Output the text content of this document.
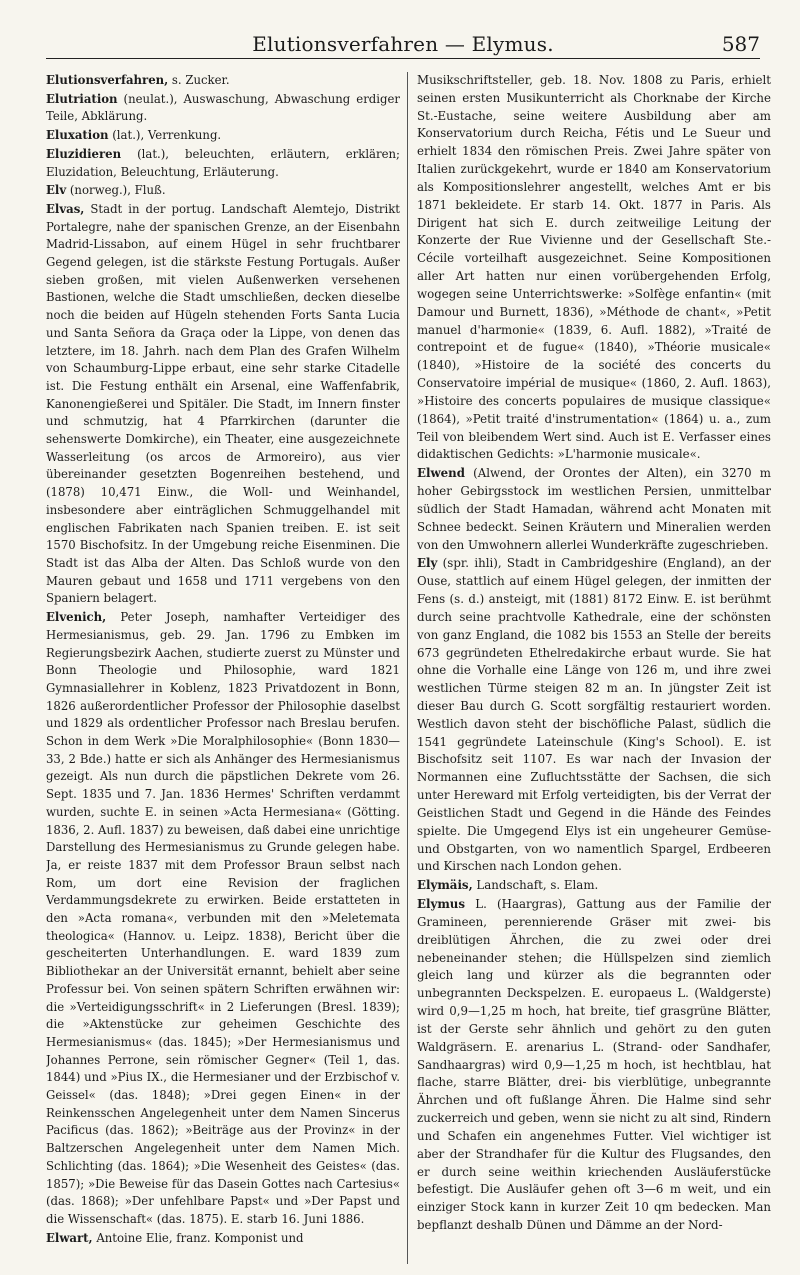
Elutionsverfahren — Elymus.	587

Elutionsverfahren, s. Zucker.

Elutriation (neulat.), Auswaschung, Abwaschung erdiger Teile, Abklärung.

Eluxation (lat.), Verrenkung.

Eluzidieren (lat.), beleuchten, erläutern, erklären; Eluzidation, Beleuchtung, Erläuterung.

Elv (norweg.), Fluß.

Elvas, Stadt in der portug. Landschaft Alemtejo, Distrikt Portalegre, nahe der spanischen Grenze, an der Eisenbahn Madrid-Lissabon, auf einem Hügel in sehr fruchtbarer Gegend gelegen, ist die stärkste Festung Portugals. Außer sieben großen, mit vielen Außenwerken versehenen Bastionen, welche die Stadt umschließen, decken dieselbe noch die beiden auf Hügeln stehenden Forts Santa Lucia und Santa Señora da Graça oder la Lippe, von denen das letztere, im 18. Jahrh. nach dem Plan des Grafen Wilhelm von Schaumburg-Lippe erbaut, eine sehr starke Citadelle ist. Die Festung enthält ein Arsenal, eine Waffenfabrik, Kanonengießerei und Spitäler. Die Stadt, im Innern finster und schmutzig, hat 4 Pfarrkirchen (darunter die sehenswerte Domkirche), ein Theater, eine ausgezeichnete Wasserleitung (os arcos de Armoreiro), aus vier übereinander gesetzten Bogenreihen bestehend, und (1878) 10,471 Einw., die Woll- und Weinhandel, insbesondere aber einträglichen Schmuggelhandel mit englischen Fabrikaten nach Spanien treiben. E. ist seit 1570 Bischofsitz. In der Umgebung reiche Eisenminen. Die Stadt ist das Alba der Alten. Das Schloß wurde von den Mauren gebaut und 1658 und 1711 vergebens von den Spaniern belagert.

Elvenich, Peter Joseph, namhafter Verteidiger des Hermesianismus, geb. 29. Jan. 1796 zu Embken im Regierungsbezirk Aachen, studierte zuerst zu Münster und Bonn Theologie und Philosophie, ward 1821 Gymnasiallehrer in Koblenz, 1823 Privatdozent in Bonn, 1826 außerordentlicher Professor der Philosophie daselbst und 1829 als ordentlicher Professor nach Breslau berufen. Schon in dem Werk »Die Moralphilosophie« (Bonn 1830—33, 2 Bde.) hatte er sich als Anhänger des Hermesianismus gezeigt. Als nun durch die päpstlichen Dekrete vom 26. Sept. 1835 und 7. Jan. 1836 Hermes' Schriften verdammt wurden, suchte E. in seinen »Acta Hermesiana« (Götting. 1836, 2. Aufl. 1837) zu beweisen, daß dabei eine unrichtige Darstellung des Hermesianismus zu Grunde gelegen habe. Ja, er reiste 1837 mit dem Professor Braun selbst nach Rom, um dort eine Revision der fraglichen Verdammungsdekrete zu erwirken. Beide erstatteten in den »Acta romana«, verbunden mit den »Meletemata theologica« (Hannov. u. Leipz. 1838), Bericht über die gescheiterten Unterhandlungen. E. ward 1839 zum Bibliothekar an der Universität ernannt, behielt aber seine Professur bei. Von seinen spätern Schriften erwähnen wir: die »Verteidigungsschrift« in 2 Lieferungen (Bresl. 1839); die »Aktenstücke zur geheimen Geschichte des Hermesianismus« (das. 1845); »Der Hermesianismus und Johannes Perrone, sein römischer Gegner« (Teil 1, das. 1844) und »Pius IX., die Hermesianer und der Erzbischof v. Geissel« (das. 1848); »Drei gegen Einen« in der Reinkensschen Angelegenheit unter dem Namen Sincerus Pacificus (das. 1862); »Beiträge aus der Provinz« in der Baltzerschen Angelegenheit unter dem Namen Mich. Schlichting (das. 1864); »Die Wesenheit des Geistes« (das. 1857); »Die Beweise für das Dasein Gottes nach Cartesius« (das. 1868); »Der unfehlbare Papst« und »Der Papst und die Wissenschaft« (das. 1875). E. starb 16. Juni 1886.

Elwart, Antoine Elie, franz. Komponist und

Musikschriftsteller, geb. 18. Nov. 1808 zu Paris, erhielt seinen ersten Musikunterricht als Chorknabe der Kirche St.-Eustache, seine weitere Ausbildung aber am Konservatorium durch Reicha, Fétis und Le Sueur und erhielt 1834 den römischen Preis. Zwei Jahre später von Italien zurückgekehrt, wurde er 1840 am Konservatorium als Kompositionslehrer angestellt, welches Amt er bis 1871 bekleidete. Er starb 14. Okt. 1877 in Paris. Als Dirigent hat sich E. durch zeitweilige Leitung der Konzerte der Rue Vivienne und der Gesellschaft Ste.-Cécile vorteilhaft ausgezeichnet. Seine Kompositionen aller Art hatten nur einen vorübergehenden Erfolg, wogegen seine Unterrichtswerke: »Solfège enfantin« (mit Damour und Burnett, 1836), »Méthode de chant«, »Petit manuel d'harmonie« (1839, 6. Aufl. 1882), »Traité de contrepoint et de fugue« (1840), »Théorie musicale« (1840), »Histoire de la société des concerts du Conservatoire impérial de musique« (1860, 2. Aufl. 1863), »Histoire des concerts populaires de musique classique« (1864), »Petit traité d'instrumentation« (1864) u. a., zum Teil von bleibendem Wert sind. Auch ist E. Verfasser eines didaktischen Gedichts: »L'harmonie musicale«.

Elwend (Alwend, der Orontes der Alten), ein 3270 m hoher Gebirgsstock im westlichen Persien, unmittelbar südlich der Stadt Hamadan, während acht Monaten mit Schnee bedeckt. Seinen Kräutern und Mineralien werden von den Umwohnern allerlei Wunderkräfte zugeschrieben.

Ely (spr. ihli), Stadt in Cambridgeshire (England), an der Ouse, stattlich auf einem Hügel gelegen, der inmitten der Fens (s. d.) ansteigt, mit (1881) 8172 Einw. E. ist berühmt durch seine prachtvolle Kathedrale, eine der schönsten von ganz England, die 1082 bis 1553 an Stelle der bereits 673 gegründeten Ethelredakirche erbaut wurde. Sie hat ohne die Vorhalle eine Länge von 126 m, und ihre zwei westlichen Türme steigen 82 m an. In jüngster Zeit ist dieser Bau durch G. Scott sorgfältig restauriert worden. Westlich davon steht der bischöfliche Palast, südlich die 1541 gegründete Lateinschule (King's School). E. ist Bischofsitz seit 1107. Es war nach der Invasion der Normannen eine Zufluchtsstätte der Sachsen, die sich unter Hereward mit Erfolg verteidigten, bis der Verrat der Geistlichen Stadt und Gegend in die Hände des Feindes spielte. Die Umgegend Elys ist ein ungeheurer Gemüse- und Obstgarten, von wo namentlich Spargel, Erdbeeren und Kirschen nach London gehen.

Elymäis, Landschaft, s. Elam.

Elymus L. (Haargras), Gattung aus der Familie der Gramineen, perennierende Gräser mit zwei- bis dreiblütigen Ährchen, die zu zwei oder drei nebeneinander stehen; die Hüllspelzen sind ziemlich gleich lang und kürzer als die begrannten oder unbegrannten Deckspelzen. E. europaeus L. (Waldgerste) wird 0,9—1,25 m hoch, hat breite, tief grasgrüne Blätter, ist der Gerste sehr ähnlich und gehört zu den guten Waldgräsern. E. arenarius L. (Strand- oder Sandhafer, Sandhaargras) wird 0,9—1,25 m hoch, ist hechtblau, hat flache, starre Blätter, drei- bis vierblütige, unbegrannte Ährchen und oft fußlange Ähren. Die Halme sind sehr zuckerreich und geben, wenn sie nicht zu alt sind, Rindern und Schafen ein angenehmes Futter. Viel wichtiger ist aber der Strandhafer für die Kultur des Flugsandes, den er durch seine weithin kriechenden Ausläuferstücke befestigt. Die Ausläufer gehen oft 3—6 m weit, und ein einziger Stock kann in kurzer Zeit 10 qm bedecken. Man bepflanzt deshalb Dünen und Dämme an der Nord-
